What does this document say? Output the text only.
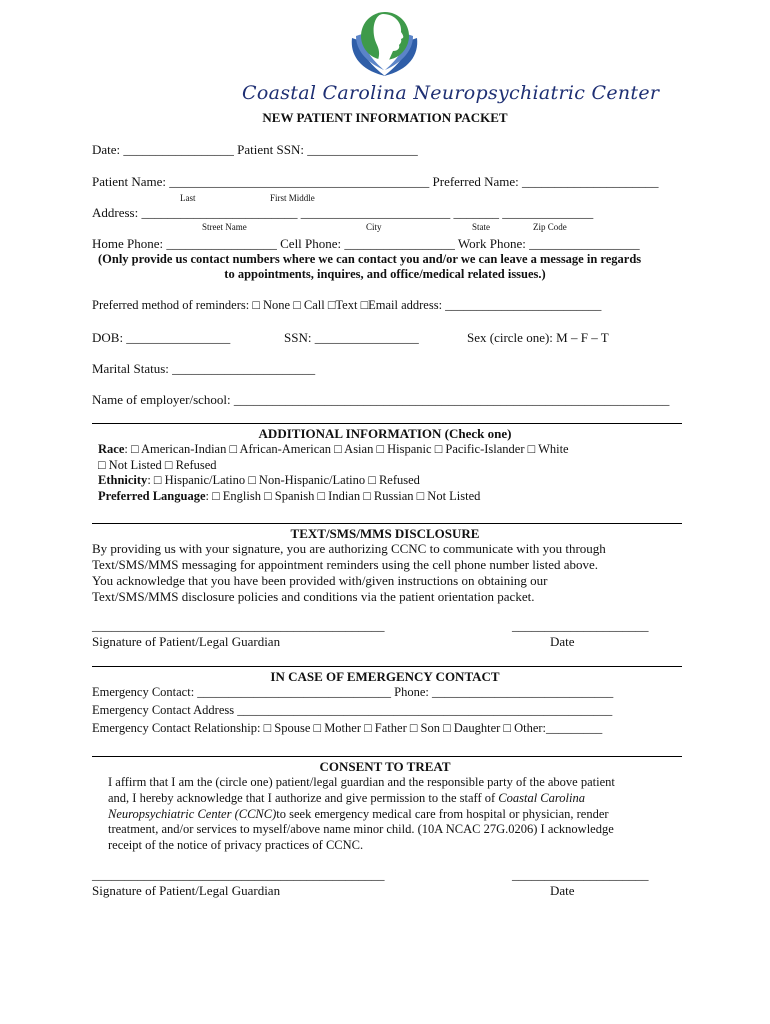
Coastal Carolina Neuropsychiatric Center
NEW PATIENT INFORMATION PACKET
Date: _________________ Patient SSN: _________________
Patient Name: ________________________________________ Preferred Name: _____________________
Last	First Middle
Address: ________________________ _______________________ _______ ______________
Street Name	City	State	Zip Code
Home Phone: _________________ Cell Phone: _________________ Work Phone: _________________
(Only provide us contact numbers where we can contact you and/or we can leave a message in regards
to appointments, inquires, and office/medical related issues.)
Preferred method of reminders: □ None □ Call □Text □Email address: _________________________
DOB: ________________	SSN: ________________	Sex (circle one): M – F – T
Marital Status: ______________________
Name of employer/school: ___________________________________________________________________
ADDITIONAL INFORMATION (Check one)
Race: □ American-Indian □ African-American □ Asian □ Hispanic □ Pacific-Islander □ White
□ Not Listed □ Refused
Ethnicity: □ Hispanic/Latino □ Non-Hispanic/Latino □ Refused
Preferred Language: □ English □ Spanish □ Indian □ Russian □ Not Listed
TEXT/SMS/MMS DISCLOSURE
By providing us with your signature, you are authorizing CCNC to communicate with you through
Text/SMS/MMS messaging for appointment reminders using the cell phone number listed above.
You acknowledge that you have been provided with/given instructions on obtaining our
Text/SMS/MMS disclosure policies and conditions via the patient orientation packet.
_____________________________________________	_____________________
Signature of Patient/Legal Guardian	Date
IN CASE OF EMERGENCY CONTACT
Emergency Contact: _______________________________ Phone: _____________________________
Emergency Contact Address ____________________________________________________________
Emergency Contact Relationship: □ Spouse □ Mother □ Father □ Son □ Daughter □ Other:_________
CONSENT TO TREAT
I affirm that I am the (circle one) patient/legal guardian and the responsible party of the above patient
and, I hereby acknowledge that I authorize and give permission to the staff of Coastal Carolina
Neuropsychiatric Center (CCNC)to seek emergency medical care from hospital or physician, render
treatment, and/or services to myself/above name minor child. (10A NCAC 27G.0206) I acknowledge
receipt of the notice of privacy practices of CCNC.
_____________________________________________	_____________________
Signature of Patient/Legal Guardian	Date
